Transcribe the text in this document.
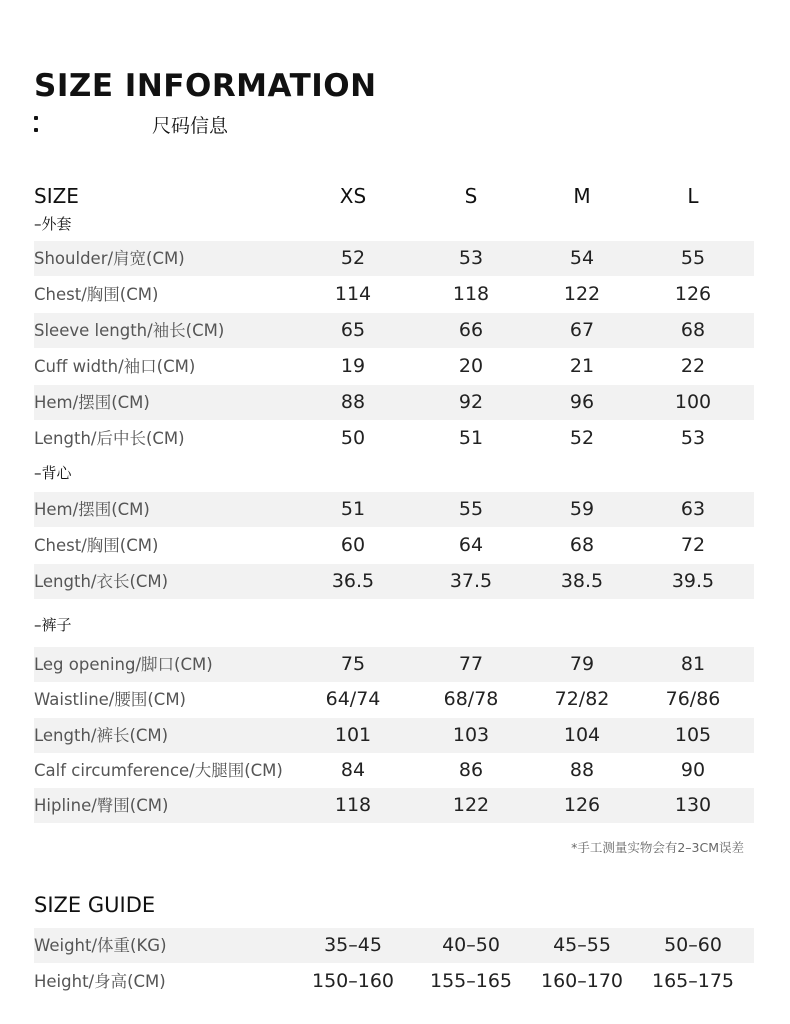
SIZE INFORMATION
尺码信息
SIZE	XS	S	M	L
–外套
Shoulder/肩宽(CM)	52	53	54	55
Chest/胸围(CM)	114	118	122	126
Sleeve length/袖长(CM)	65	66	67	68
Cuff width/袖口(CM)	19	20	21	22
Hem/摆围(CM)	88	92	96	100
Length/后中长(CM)	50	51	52	53
–背心
Hem/摆围(CM)	51	55	59	63
Chest/胸围(CM)	60	64	68	72
Length/衣长(CM)	36.5	37.5	38.5	39.5
–裤子
Leg opening/脚口(CM)	75	77	79	81
Waistline/腰围(CM)	64/74	68/78	72/82	76/86
Length/裤长(CM)	101	103	104	105
Calf circumference/大腿围(CM)	84	86	88	90
Hipline/臀围(CM)	118	122	126	130
*手工测量实物会有2–3CM误差
SIZE GUIDE
Weight/体重(KG)	35–45	40–50	45–55	50–60
Height/身高(CM)	150–160	155–165	160–170	165–175
